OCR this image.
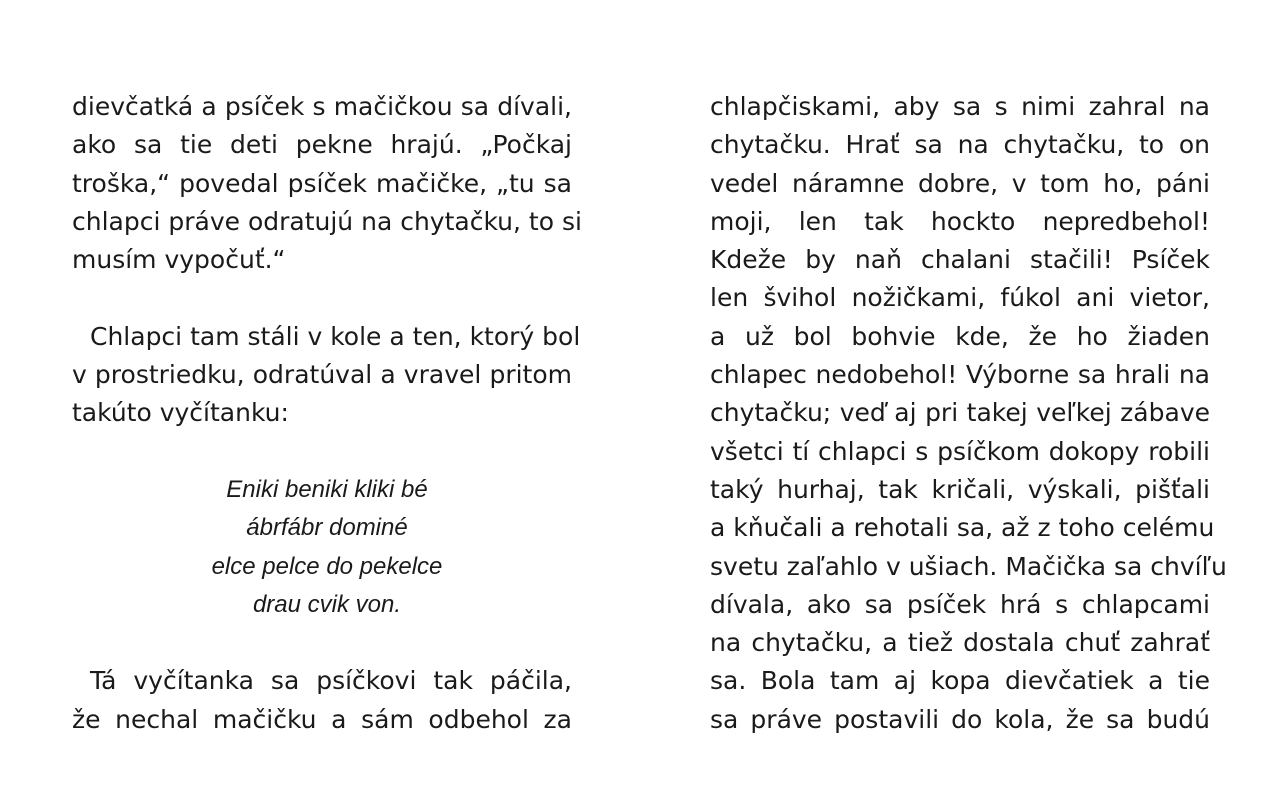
dievčatká a psíček s mačičkou sa dívali,
ako sa tie deti pekne hrajú. „Počkaj
troška,“ povedal psíček mačičke, „tu sa
chlapci práve odratujú na chytačku, to si
musím vypočuť.“
Chlapci tam stáli v kole a ten, ktorý bol
v prostriedku, odratúval a vravel pritom
takúto vyčítanku:
Eniki beniki kliki bé
ábrfábr dominé
elce pelce do pekelce
drau cvik von.
Tá vyčítanka sa psíčkovi tak páčila,
že nechal mačičku a sám odbehol za
chlapčiskami, aby sa s nimi zahral na
chytačku. Hrať sa na chytačku, to on
vedel náramne dobre, v tom ho, páni
moji, len tak hockto nepredbehol!
Kdeže by naň chalani stačili! Psíček
len švihol nožičkami, fúkol ani vietor,
a už bol bohvie kde, že ho žiaden
chlapec nedobehol! Výborne sa hrali na
chytačku; veď aj pri takej veľkej zábave
všetci tí chlapci s psíčkom dokopy robili
taký hurhaj, tak kričali, výskali, pišťali
a kňučali a rehotali sa, až z toho celému
svetu zaľahlo v ušiach. Mačička sa chvíľu
dívala, ako sa psíček hrá s chlapcami
na chytačku, a tiež dostala chuť zahrať
sa. Bola tam aj kopa dievčatiek a tie
sa práve postavili do kola, že sa budú
